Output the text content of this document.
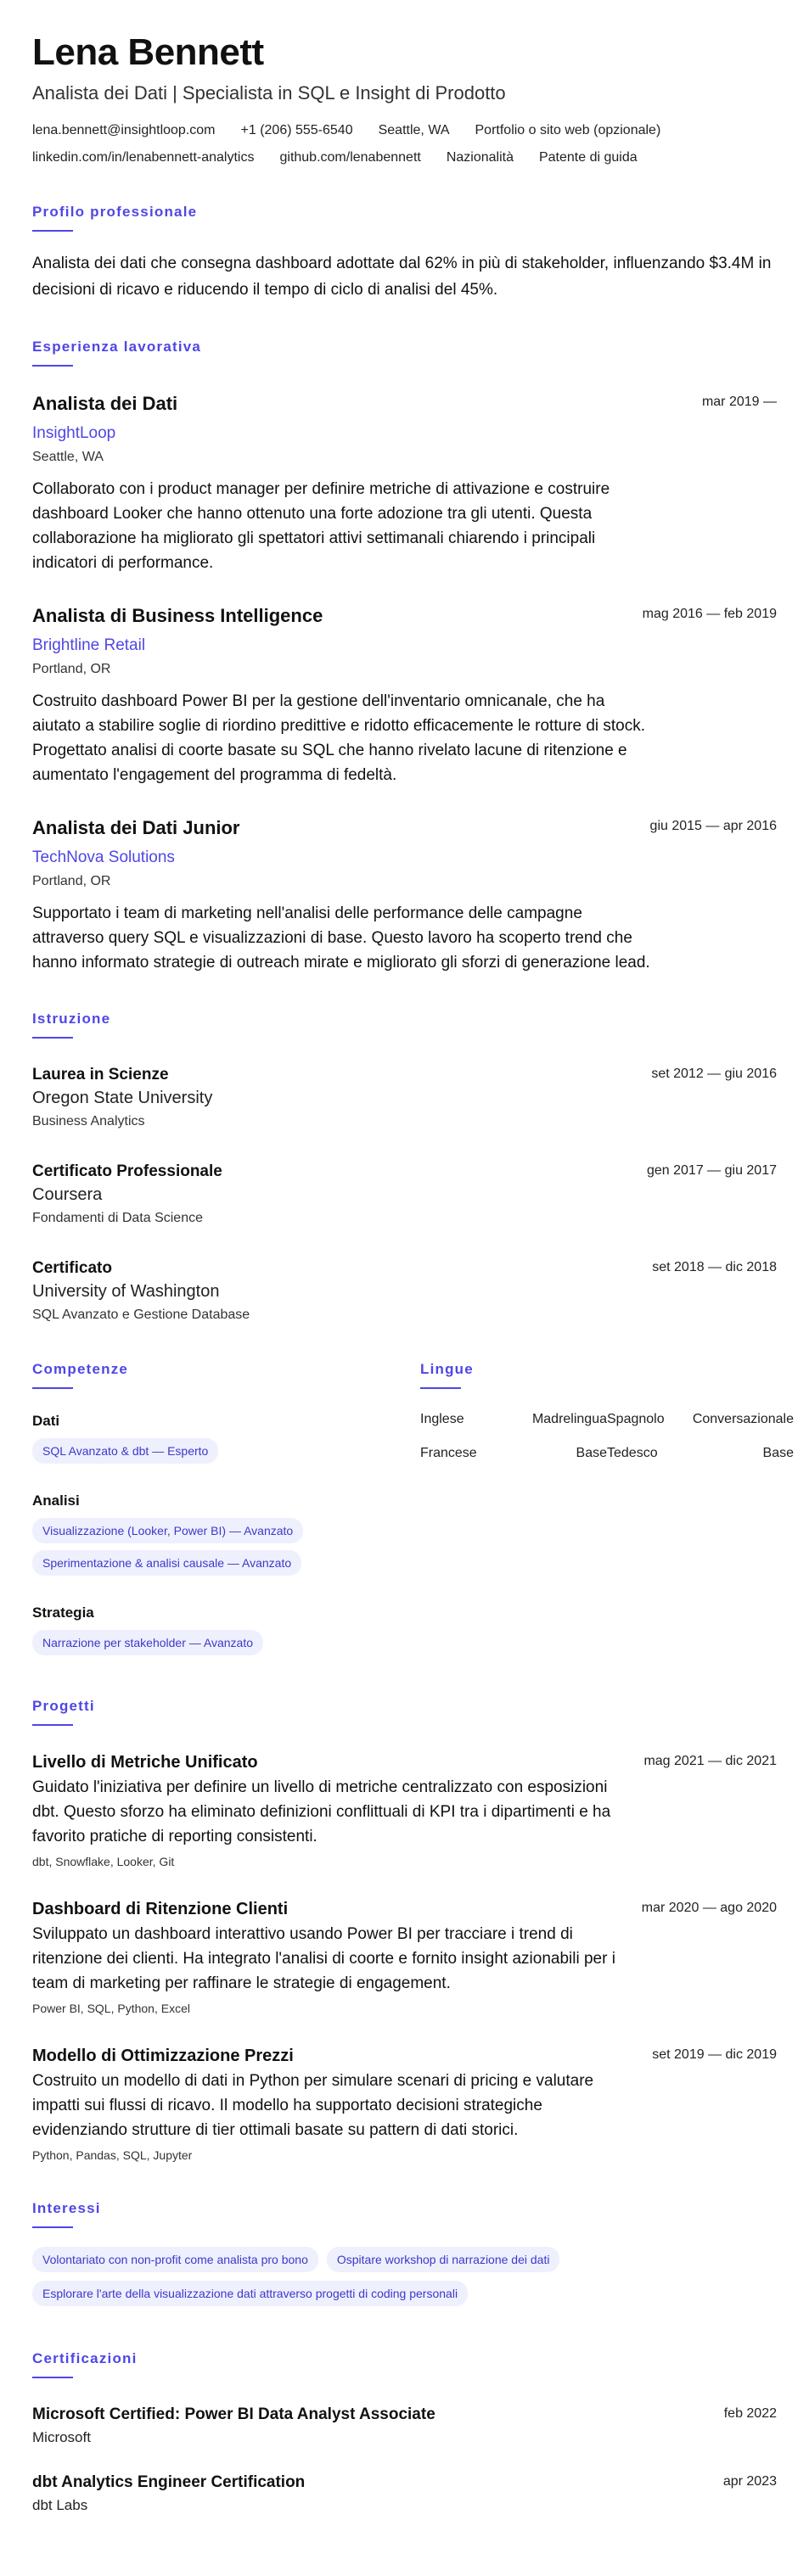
Lena Bennett
Analista dei Dati | Specialista in SQL e Insight di Prodotto
lena.bennett@insightloop.com +1 (206) 555-6540 Seattle, WA Portfolio o sito web (opzionale)
linkedin.com/in/lenabennett-analytics github.com/lenabennett Nazionalità Patente di guida
Profilo professionale
Analista dei dati che consegna dashboard adottate dal 62% in più di stakeholder, influenzando $3.4M in decisioni di ricavo e riducendo il tempo di ciclo di analisi del 45%.
Esperienza lavorativa
Analista dei Dati	mar 2019 —
InsightLoop
Seattle, WA
Collaborato con i product manager per definire metriche di attivazione e costruire dashboard Looker che hanno ottenuto una forte adozione tra gli utenti. Questa collaborazione ha migliorato gli spettatori attivi settimanali chiarendo i principali indicatori di performance.
Analista di Business Intelligence	mag 2016 — feb 2019
Brightline Retail
Portland, OR
Costruito dashboard Power BI per la gestione dell'inventario omnicanale, che ha aiutato a stabilire soglie di riordino predittive e ridotto efficacemente le rotture di stock. Progettato analisi di coorte basate su SQL che hanno rivelato lacune di ritenzione e aumentato l'engagement del programma di fedeltà.
Analista dei Dati Junior	giu 2015 — apr 2016
TechNova Solutions
Portland, OR
Supportato i team di marketing nell'analisi delle performance delle campagne attraverso query SQL e visualizzazioni di base. Questo lavoro ha scoperto trend che hanno informato strategie di outreach mirate e migliorato gli sforzi di generazione lead.
Istruzione
Laurea in Scienze	set 2012 — giu 2016
Oregon State University
Business Analytics
Certificato Professionale	gen 2017 — giu 2017
Coursera
Fondamenti di Data Science
Certificato	set 2018 — dic 2018
University of Washington
SQL Avanzato e Gestione Database
Competenze
Dati
SQL Avanzato & dbt — Esperto
Analisi
Visualizzazione (Looker, Power BI) — Avanzato
Sperimentazione & analisi causale — Avanzato
Strategia
Narrazione per stakeholder — Avanzato
Lingue
Inglese	Madrelingua Spagnolo Conversazionale
Francese	Base Tedesco	Base
Progetti
Livello di Metriche Unificato	mag 2021 — dic 2021
Guidato l'iniziativa per definire un livello di metriche centralizzato con esposizioni dbt. Questo sforzo ha eliminato definizioni conflittuali di KPI tra i dipartimenti e ha favorito pratiche di reporting consistenti.
dbt, Snowflake, Looker, Git
Dashboard di Ritenzione Clienti	mar 2020 — ago 2020
Sviluppato un dashboard interattivo usando Power BI per tracciare i trend di ritenzione dei clienti. Ha integrato l'analisi di coorte e fornito insight azionabili per i team di marketing per raffinare le strategie di engagement.
Power BI, SQL, Python, Excel
Modello di Ottimizzazione Prezzi	set 2019 — dic 2019
Costruito un modello di dati in Python per simulare scenari di pricing e valutare impatti sui flussi di ricavo. Il modello ha supportato decisioni strategiche evidenziando strutture di tier ottimali basate su pattern di dati storici.
Python, Pandas, SQL, Jupyter
Interessi
Volontariato con non-profit come analista pro bono Ospitare workshop di narrazione dei dati
Esplorare l'arte della visualizzazione dati attraverso progetti di coding personali
Certificazioni
Microsoft Certified: Power BI Data Analyst Associate	feb 2022
Microsoft
dbt Analytics Engineer Certification	apr 2023
dbt Labs
